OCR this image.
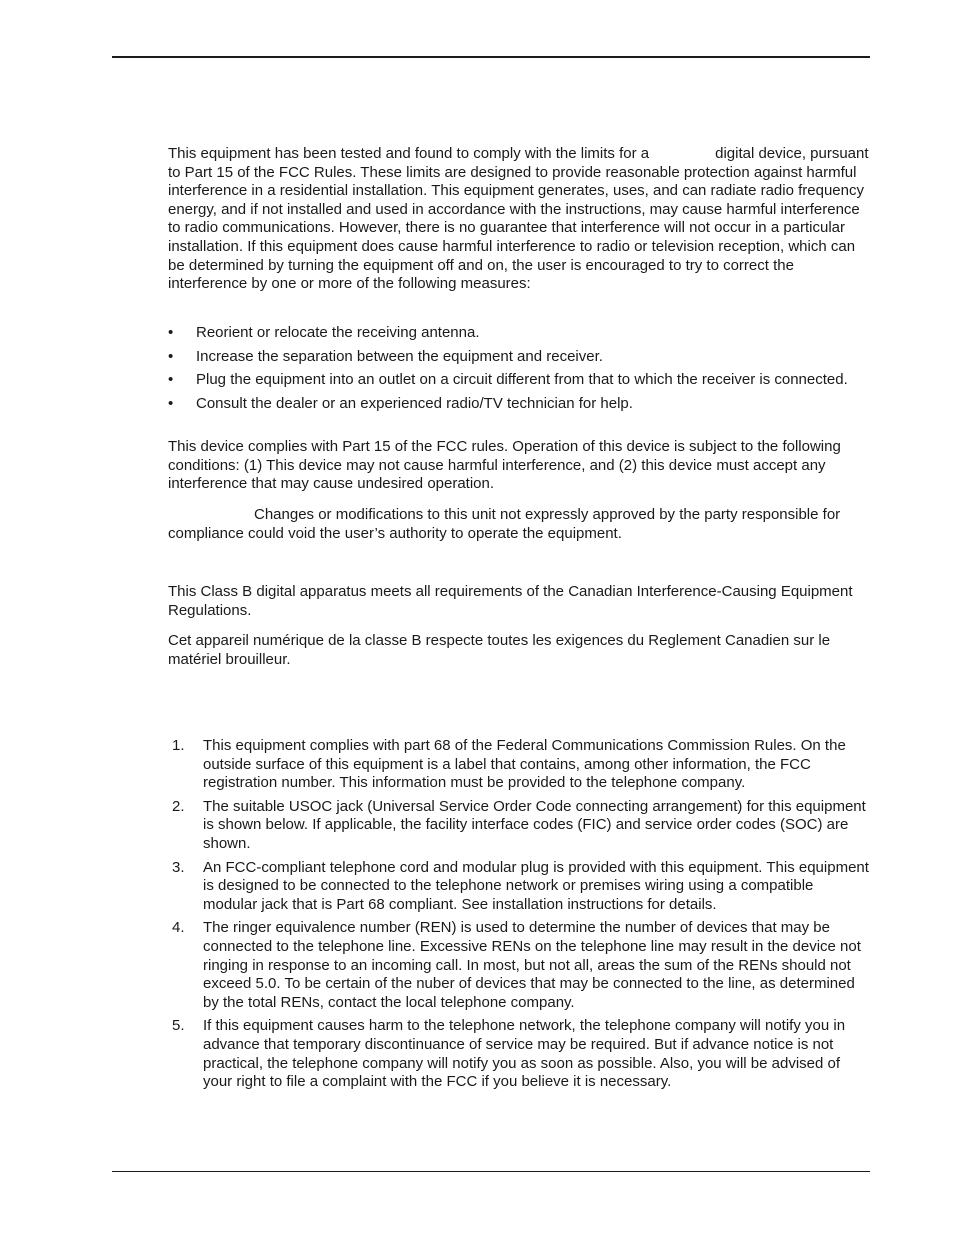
This equipment has been tested and found to comply with the limits for a	digital device, pursuant to Part 15 of the FCC Rules. These limits are designed to provide reasonable protection against harmful interference in a residential installation. This equipment generates, uses, and can radiate radio frequency energy, and if not installed and used in accordance with the instructions, may cause harmful interference to radio communications. However, there is no guarantee that interference will not occur in a particular installation. If this equipment does cause harmful interference to radio or television reception, which can be determined by turning the equipment off and on, the user is encouraged to try to correct the interference by one or more of the following measures:

• Reorient or relocate the receiving antenna.
• Increase the separation between the equipment and receiver.
• Plug the equipment into an outlet on a circuit different from that to which the receiver is connected.
• Consult the dealer or an experienced radio/TV technician for help.

This device complies with Part 15 of the FCC rules. Operation of this device is subject to the following conditions: (1) This device may not cause harmful interference, and (2) this device must accept any interference that may cause undesired operation.

Changes or modifications to this unit not expressly approved by the party responsible for compliance could void the user’s authority to operate the equipment.

This Class B digital apparatus meets all requirements of the Canadian Interference-Causing Equipment Regulations.

Cet appareil numérique de la classe B respecte toutes les exigences du Reglement Canadien sur le matériel brouilleur.

1. This equipment complies with part 68 of the Federal Communications Commission Rules. On the outside surface of this equipment is a label that contains, among other information, the FCC registration number. This information must be provided to the telephone company.
2. The suitable USOC jack (Universal Service Order Code connecting arrangement) for this equipment is shown below. If applicable, the facility interface codes (FIC) and service order codes (SOC) are shown.
3. An FCC-compliant telephone cord and modular plug is provided with this equipment. This equipment is designed to be connected to the telephone network or premises wiring using a compatible modular jack that is Part 68 compliant. See installation instructions for details.
4. The ringer equivalence number (REN) is used to determine the number of devices that may be connected to the telephone line. Excessive RENs on the telephone line may result in the device not ringing in response to an incoming call. In most, but not all, areas the sum of the RENs should not exceed 5.0. To be certain of the nuber of devices that may be connected to the line, as determined by the total RENs, contact the local telephone company.
5. If this equipment causes harm to the telephone network, the telephone company will notify you in advance that temporary discontinuance of service may be required. But if advance notice is not practical, the telephone company will notify you as soon as possible. Also, you will be advised of your right to file a complaint with the FCC if you believe it is necessary.
